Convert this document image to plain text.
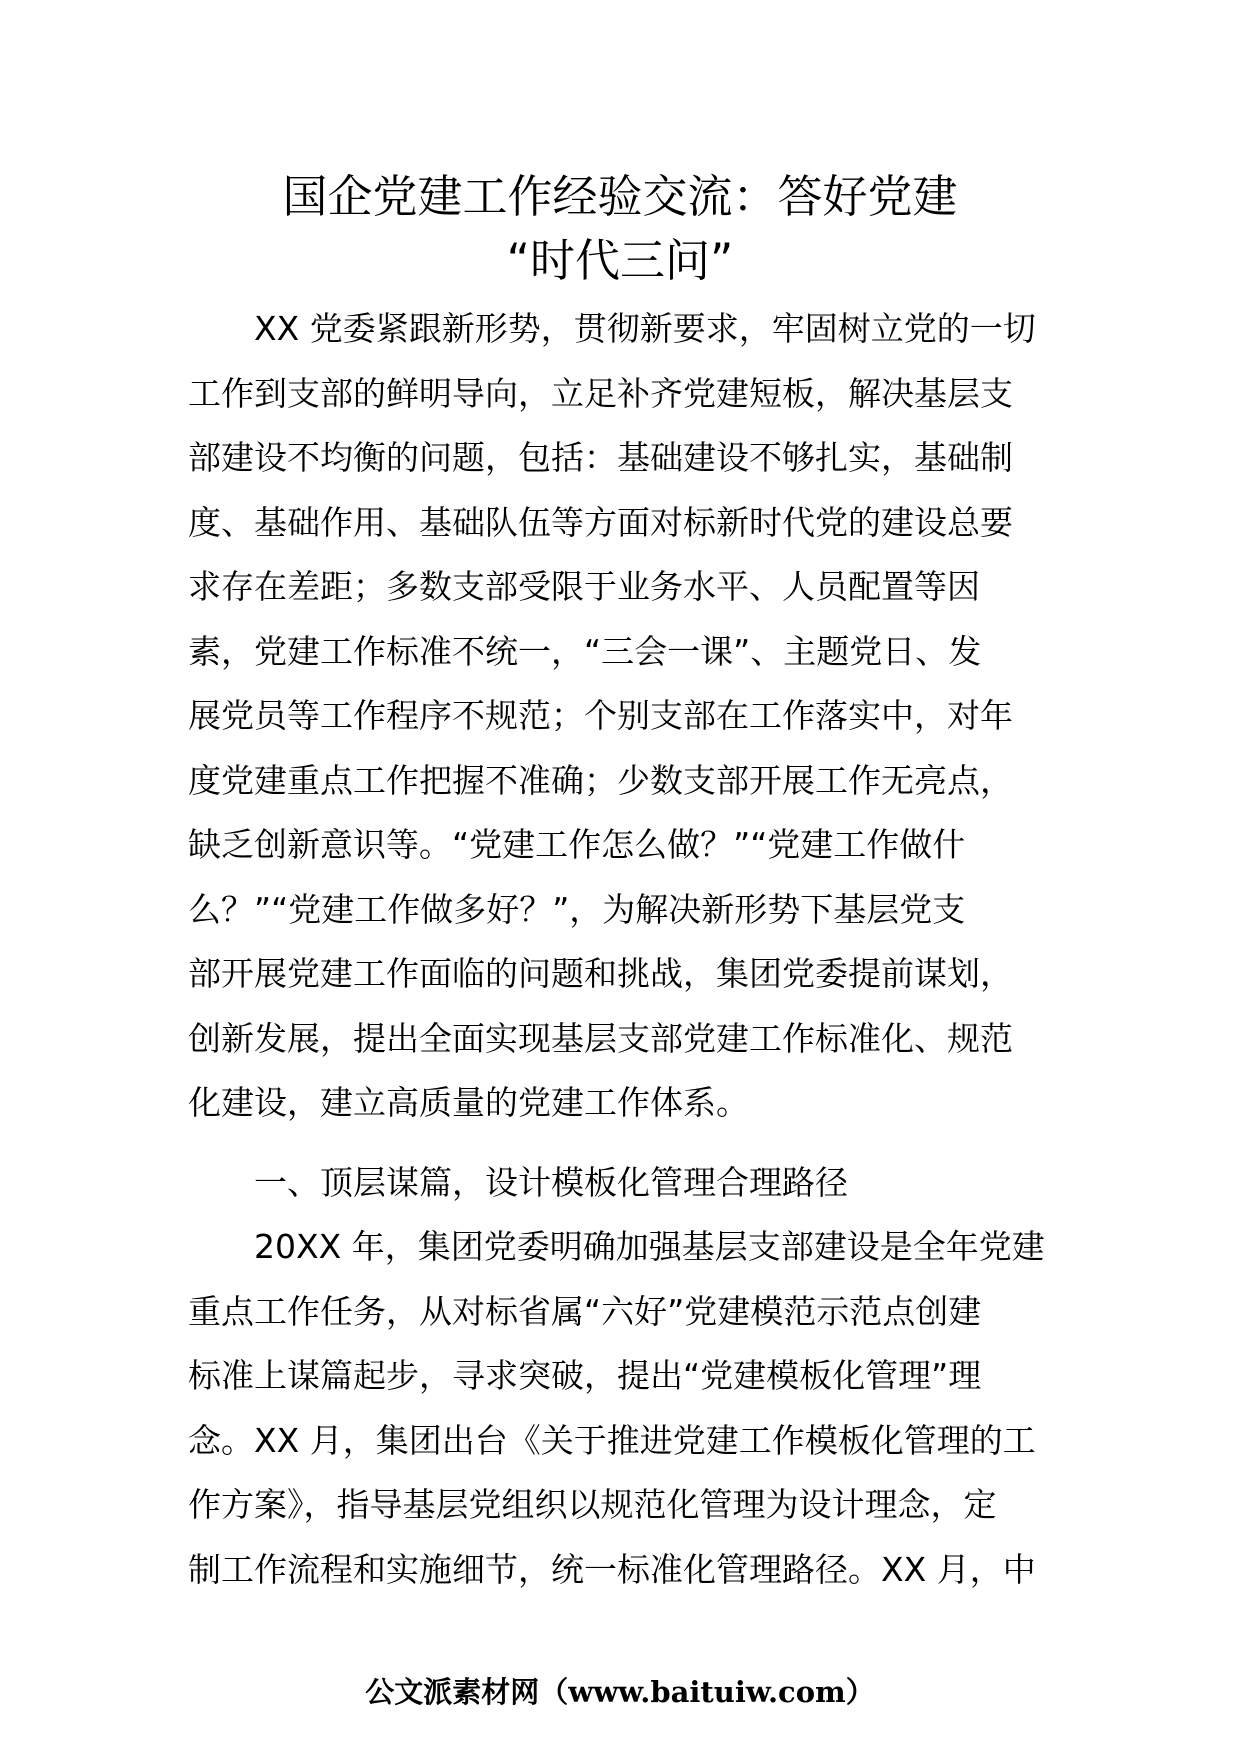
国企党建工作经验交流：答好党建
“时代三问”
XX 党委紧跟新形势，贯彻新要求，牢固树立党的一切
工作到支部的鲜明导向，立足补齐党建短板，解决基层支
部建设不均衡的问题，包括：基础建设不够扎实，基础制
度、基础作用、基础队伍等方面对标新时代党的建设总要
求存在差距；多数支部受限于业务水平、人员配置等因
素，党建工作标准不统一，“三会一课”、主题党日、发
展党员等工作程序不规范；个别支部在工作落实中，对年
度党建重点工作把握不准确；少数支部开展工作无亮点，
缺乏创新意识等。“党建工作怎么做？”“党建工作做什
么？”“党建工作做多好？”，为解决新形势下基层党支
部开展党建工作面临的问题和挑战，集团党委提前谋划，
创新发展，提出全面实现基层支部党建工作标准化、规范
化建设，建立高质量的党建工作体系。
一、顶层谋篇，设计模板化管理合理路径
20XX 年，集团党委明确加强基层支部建设是全年党建
重点工作任务，从对标省属“六好”党建模范示范点创建
标准上谋篇起步，寻求突破，提出“党建模板化管理”理
念。XX 月，集团出台《关于推进党建工作模板化管理的工
作方案》，指导基层党组织以规范化管理为设计理念，定
制工作流程和实施细节，统一标准化管理路径。XX 月，中

公文派素材网（www.baituiw.com）
